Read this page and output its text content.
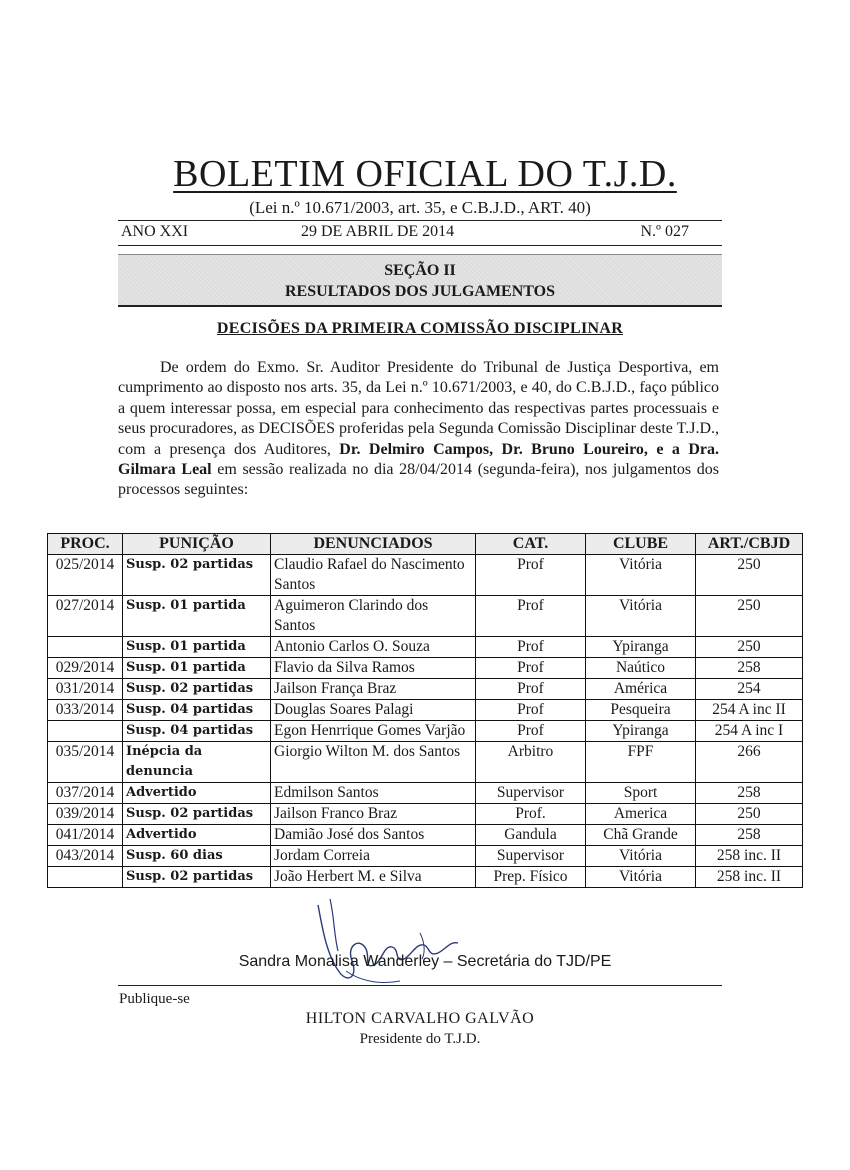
BOLETIM OFICIAL DO T.J.D.
(Lei n.º 10.671/2003, art. 35, e C.B.J.D., ART. 40)
ANO XXI	29 DE ABRIL DE 2014	N.º 027
SEÇÃO II
RESULTADOS DOS JULGAMENTOS
DECISÕES DA PRIMEIRA COMISSÃO DISCIPLINAR
De ordem do Exmo. Sr. Auditor Presidente do Tribunal de Justiça Desportiva, em cumprimento ao disposto nos arts. 35, da Lei n.º 10.671/2003, e 40, do C.B.J.D., faço público a quem interessar possa, em especial para conhecimento das respectivas partes processuais e seus procuradores, as DECISÕES proferidas pela Segunda Comissão Disciplinar deste T.J.D., com a presença dos Auditores, Dr. Delmiro Campos, Dr. Bruno Loureiro, e a Dra. Gilmara Leal em sessão realizada no dia 28/04/2014 (segunda-feira), nos julgamentos dos processos seguintes:
PROC.	PUNIÇÃO	DENUNCIADOS	CAT.	CLUBE	ART./CBJD
025/2014	Susp. 02 partidas	Claudio Rafael do Nascimento Santos	Prof	Vitória	250
027/2014	Susp. 01 partida	Aguimeron Clarindo dos Santos	Prof	Vitória	250
	Susp. 01 partida	Antonio Carlos O. Souza	Prof	Ypiranga	250
029/2014	Susp. 01 partida	Flavio da Silva Ramos	Prof	Naútico	258
031/2014	Susp. 02 partidas	Jailson França Braz	Prof	América	254
033/2014	Susp. 04 partidas	Douglas Soares Palagi	Prof	Pesqueira	254 A inc II
	Susp. 04 partidas	Egon Henrrique Gomes Varjão	Prof	Ypiranga	254 A inc I
035/2014	Inépcia da denuncia	Giorgio Wilton M. dos Santos	Arbitro	FPF	266
037/2014	Advertido	Edmilson Santos	Supervisor	Sport	258
039/2014	Susp. 02 partidas	Jailson Franco Braz	Prof.	America	250
041/2014	Advertido	Damião José dos Santos	Gandula	Chã Grande	258
043/2014	Susp. 60 dias	Jordam Correia	Supervisor	Vitória	258 inc. II
	Susp. 02 partidas	João Herbert M. e Silva	Prep. Físico	Vitória	258 inc. II
Sandra Monalisa Wanderley – Secretária do TJD/PE
Publique-se
HILTON CARVALHO GALVÃO
Presidente do T.J.D.
